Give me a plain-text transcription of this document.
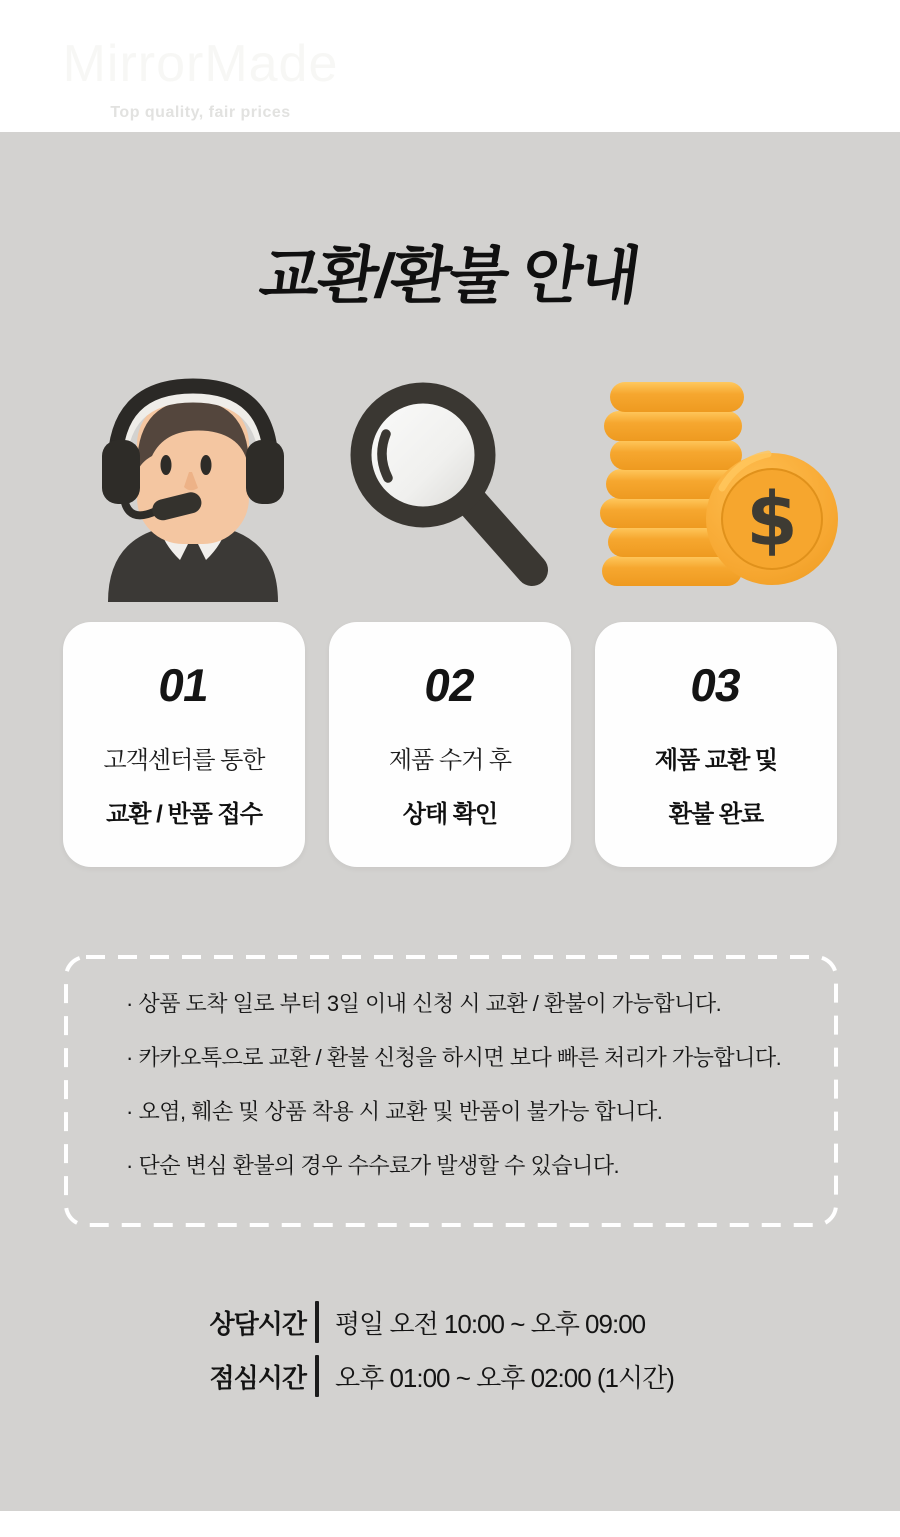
MirrorMade
Top quality, fair prices
교환/환불 안내
$
01
고객센터를 통한
교환 / 반품 접수
02
제품 수거 후
상태 확인
03
제품 교환 및
환불 완료

· 상품 도착 일로 부터 3일 이내 신청 시 교환 / 환불이 가능합니다.

· 카카오톡으로 교환 / 환불 신청을 하시면 보다 빠른 처리가 가능합니다.

· 오염, 훼손 및 상품 착용 시 교환 및 반품이 불가능 합니다.

· 단순 변심 환불의 경우 수수료가 발생할 수 있습니다.

상담시간 평일 오전 10:00 ~ 오후 09:00
점심시간 오후 01:00 ~ 오후 02:00 (1시간)
